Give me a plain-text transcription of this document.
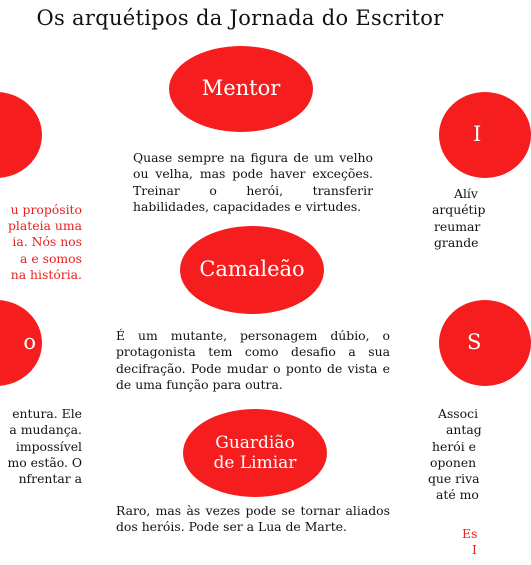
Os arquétipos da Jornada do Escritor
u propósito
plateia uma
ia. Nós nos
a e somos
na história.
o
entura. Ele
a mudança.
impossível
mo estão. O
nfrentar a
Mentor

Quase sempre na figura de um velho ou velha, mas pode haver exceções. Treinar o herói, transferir habilidades, capacidades e virtudes.

Camaleão

É um mutante, personagem dúbio, o protagonista tem como desafio a sua decifração. Pode mudar o ponto de vista e de uma função para outra.

Guardião de Limiar

Raro, mas às vezes pode se tornar aliados dos heróis. Pode ser a Lua de Marte.

I
Alív
arquétip
reumar
grande
S
Associ
antag
herói e
oponen
que riva
até mo
Es
I
